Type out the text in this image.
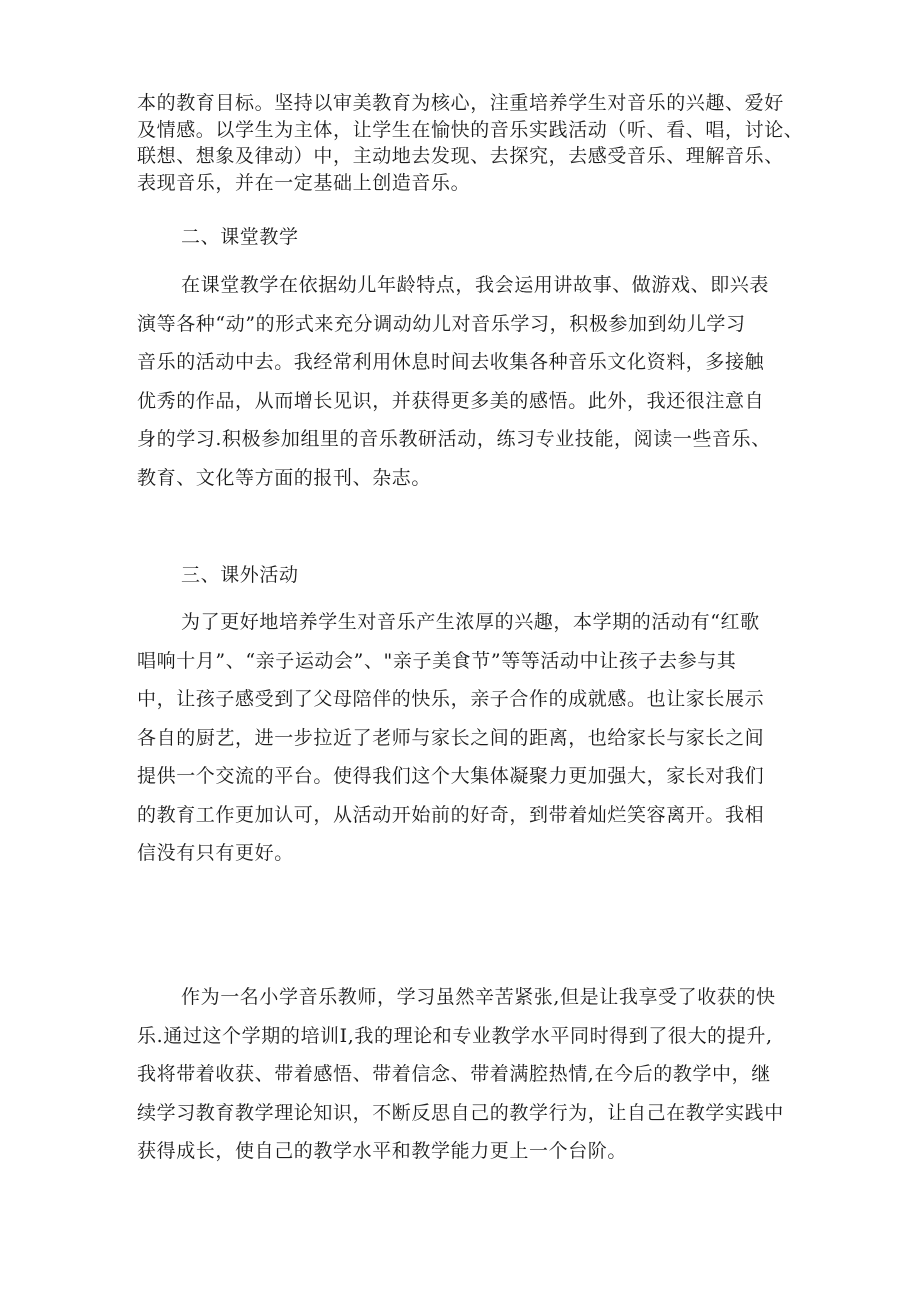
本的教育目标。坚持以审美教育为核心，注重培养学生对音乐的兴趣、爱好
及情感。以学生为主体，让学生在愉快的音乐实践活动（听、看、唱，讨论、
联想、想象及律动）中，主动地去发现、去探究，去感受音乐、理解音乐、
表现音乐，并在一定基础上创造音乐。
二、课堂教学
在课堂教学在依据幼儿年龄特点，我会运用讲故事、做游戏、即兴表
演等各种“动”的形式来充分调动幼儿对音乐学习，积极参加到幼儿学习
音乐的活动中去。我经常利用休息时间去收集各种音乐文化资料，多接触
优秀的作品，从而增长见识，并获得更多美的感悟。此外，我还很注意自
身的学习.积极参加组里的音乐教研活动，练习专业技能，阅读一些音乐、
教育、文化等方面的报刊、杂志。
三、课外活动
为了更好地培养学生对音乐产生浓厚的兴趣，本学期的活动有“红歌
唱响十月”、“亲子运动会”、"亲子美食节”等等活动中让孩子去参与其
中，让孩子感受到了父母陪伴的快乐，亲子合作的成就感。也让家长展示
各自的厨艺，进一步拉近了老师与家长之间的距离，也给家长与家长之间
提供一个交流的平台。使得我们这个大集体凝聚力更加强大，家长对我们
的教育工作更加认可，从活动开始前的好奇，到带着灿烂笑容离开。我相
信没有只有更好。
作为一名小学音乐教师，学习虽然辛苦紧张,但是让我享受了收获的快
乐.通过这个学期的培训I,我的理论和专业教学水平同时得到了很大的提升,
我将带着收获、带着感悟、带着信念、带着满腔热情,在今后的教学中，继
续学习教育教学理论知识，不断反思自己的教学行为，让自己在教学实践中
获得成长，使自己的教学水平和教学能力更上一个台阶。
